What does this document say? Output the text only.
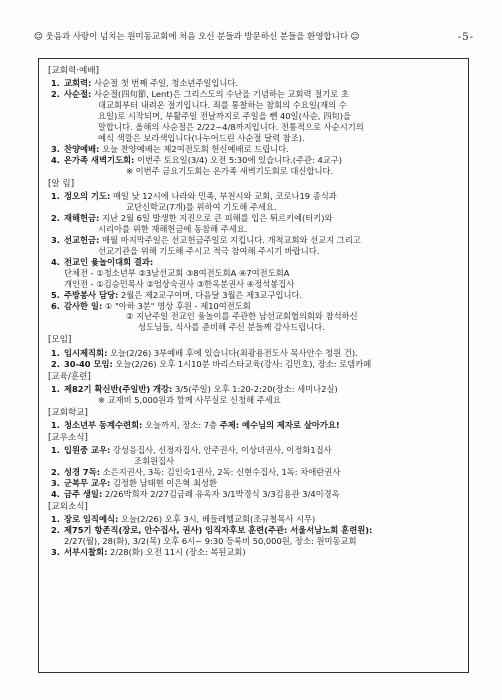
☺ 웃음과 사랑이 넘치는 원미동교회에 처음 오신 분들과 방문하신 분들을 환영합니다 ☺	-5-
[교회력·예배]
1. 교회력: 사순절 첫 번째 주일, 청소년주일입니다.
2. 사순절: 사순절(四旬節, Lent)은 그리스도의 수난을 기념하는 교회력 절기로 초
대교회부터 내려온 절기입니다. 죄를 통찰하는 참회의 수요일(재의 수
요일)로 시작되며, 부활주일 전날까지로 주일을 뺀 40일(사순, 四旬)을
말합니다. 올해의 사순절은 2/22~4/8까지입니다. 전통적으로 사순시기의
예식 색깔은 보라색입니다(나누어드린 사순절 달력 참조).
3. 찬양예배: 오늘 찬양예배는 제2여전도회 헌신예배로 드립니다.
4. 온가족 새벽기도회: 이번주 토요일(3/4) 오전 5:30에 있습니다.(주관: 4교구)
※ 이번주 금요기도회는 온가족 새벽기도회로 대신합니다.
[알 림]
1. 정오의 기도: 매일 낮 12시에 나라와 민족, 부천시와 교회, 코로나19 종식과
교단신학교(7개)를 위하여 기도해 주세요.
2. 재해헌금: 지난 2월 6일 발생한 지진으로 큰 피해를 입은 튀르키예(터키)와
시리아를 위한 재해헌금에 동참해 주세요.
3. 선교헌금: 매월 마지막주일은 선교헌금주일로 지킵니다. 개척교회와 선교지 그리고
선교기관을 위해 기도해 주시고 적극 참여해 주시기 바랍니다.
4. 전교인 윷놀이대회 결과:
단체전 - ①청소년부 ②3남선교회 ③8여전도회A ④7여전도회A
개인전 - ①김승민목사 ②엄상숙권사 ③한옥분권사 ④정석봉집사
5. 주방봉사 담당: 2월은 제2교구이며, 다음달 3월은 제3교구입니다.
6. 감사한 일: ① "아하 3분" 영상 후원 - 제10여전도회
② 지난주일 전교인 윷놀이를 주관한 남선교회협의회와 참석하신
성도님들, 식사를 준비해 주신 분들께 감사드립니다.
[모임]
1. 임시제직회: 오늘(2/26) 3부예배 후에 있습니다(최광용전도사 목사안수 청원 건).
2. 30-40 모임: 오늘(2/26) 오후 1시10분 바리스타교육(강사: 김민호), 장소: 로뎀카페
[교육/훈련]
1. 제82기 확신반(주일반) 개강: 3/5(주일) 오후 1:20-2:20(장소: 세미나2실)
※ 교재비 5,000원과 함께 사무실로 신청해 주세요
[교회학교]
1. 청소년부 동계수련회: 오늘까지, 장소: 7층 주제: 예수님의 제자로 살아가요!
[교우소식]
1. 입원중 교우: 강성응집사, 신정자집사, 안주권사, 이상녀권사, 이정화1집사
조휘원집사
2. 성경 7독: 소은지권사, 3독: 김인숙1권사, 2독: 신현수집사, 1독: 차애란권사
3. 군복무 교우: 김정환 남태현 이은혁 최성환
4. 금주 생일: 2/26박희자 2/27김금례 유옥자 3/1박경식 3/3김용관 3/4이경옥
[교외소식]
1. 장로 임직예식: 오늘(2/26) 오후 3시, 베들레헴교회(조규철목사 시무)
2. 제75기 항존직(장로, 안수집사, 권사) 임직자후보 훈련(주관: 서울서남노회 훈련원):
2/27(월), 28(화), 3/2(목) 오후 6시~ 9:30 등록비 50,000원, 장소: 원미동교회
3. 서부시찰회: 2/28(화) 오전 11시 (장소: 복된교회)
